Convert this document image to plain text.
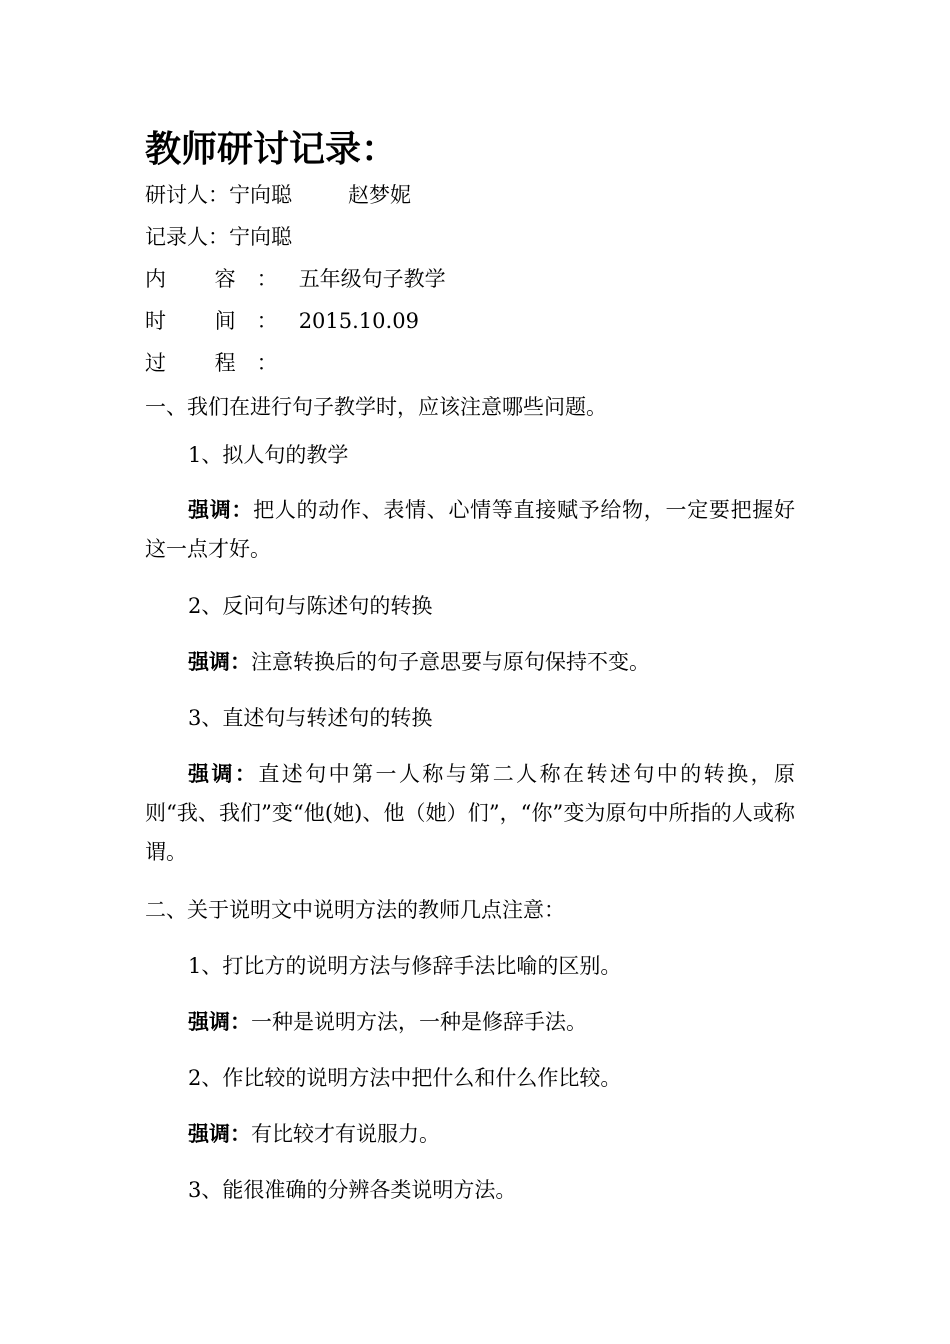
教师研讨记录：
研讨人：宁向聪	赵梦妮
记录人：宁向聪
内 容：五年级句子教学
时 间：2015.10.09
过 程：
一、我们在进行句子教学时，应该注意哪些问题。
1、拟人句的教学
强调：把人的动作、表情、心情等直接赋予给物，一定要把握好这一点才好。
2、反问句与陈述句的转换
强调：注意转换后的句子意思要与原句保持不变。
3、直述句与转述句的转换
强调：直述句中第一人称与第二人称在转述句中的转换，原则“我、我们”变“他(她)、他（她）们”，“你”变为原句中所指的人或称谓。
二、关于说明文中说明方法的教师几点注意：
1、打比方的说明方法与修辞手法比喻的区别。
强调：一种是说明方法，一种是修辞手法。
2、作比较的说明方法中把什么和什么作比较。
强调：有比较才有说服力。
3、能很准确的分辨各类说明方法。
